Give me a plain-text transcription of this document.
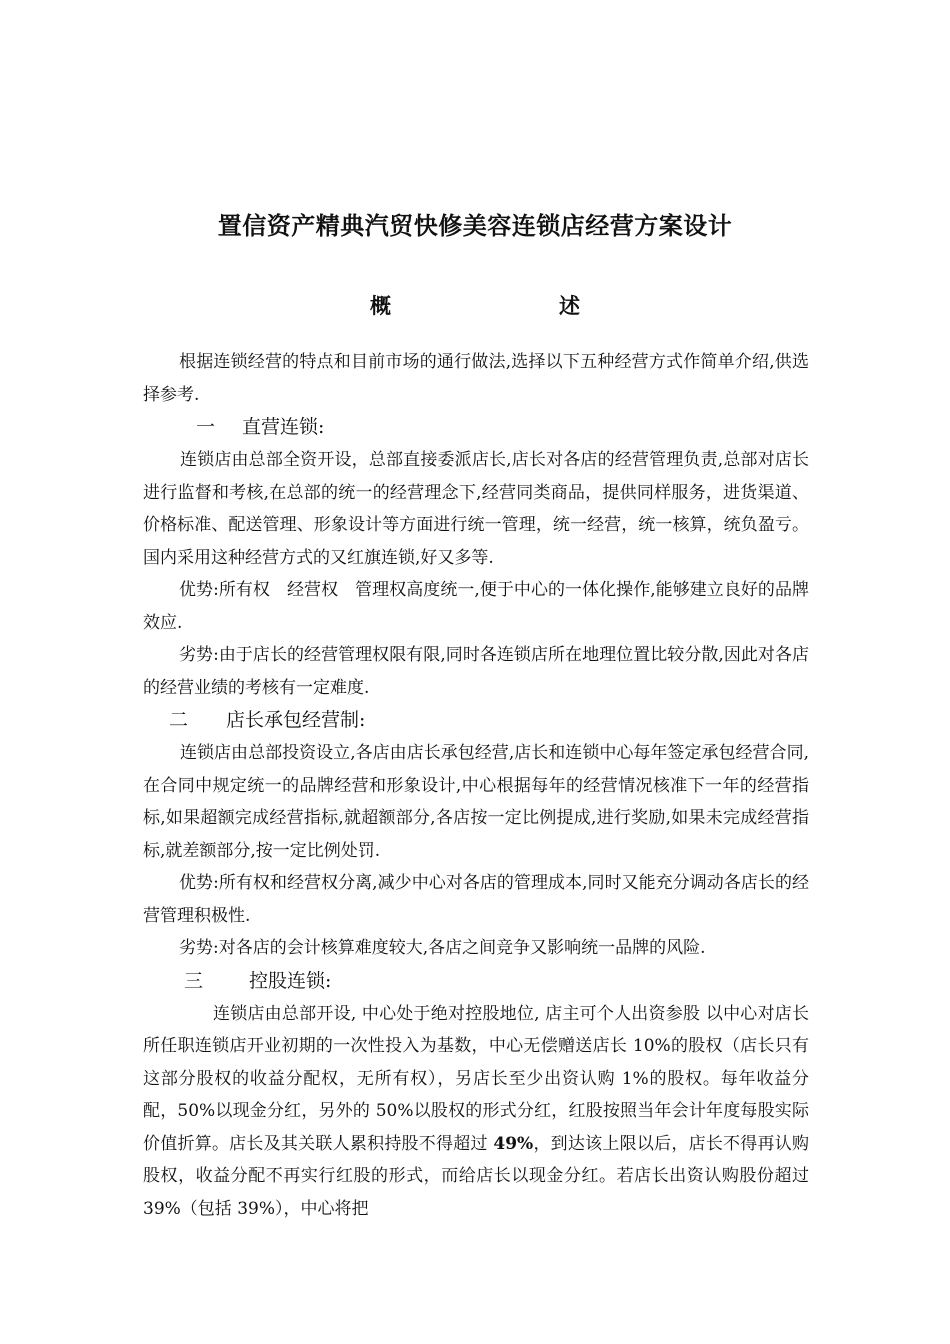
置信资产精典汽贸快修美容连锁店经营方案设计
概	述

根据连锁经营的特点和目前市场的通行做法,选择以下五种经营方式作简单介绍,供选择参考.

一 直营连锁:

连锁店由总部全资开设，总部直接委派店长,店长对各店的经营管理负责,总部对店长进行监督和考核,在总部的统一的经营理念下,经营同类商品，提供同样服务，进货渠道、价格标准、配送管理、形象设计等方面进行统一管理，统一经营，统一核算，统负盈亏。国内采用这种经营方式的又红旗连锁,好又多等.

优势:所有权　经营权　管理权高度统一,便于中心的一体化操作,能够建立良好的品牌效应.

劣势:由于店长的经营管理权限有限,同时各连锁店所在地理位置比较分散,因此对各店的经营业绩的考核有一定难度.

二 店长承包经营制:

连锁店由总部投资设立,各店由店长承包经营,店长和连锁中心每年签定承包经营合同,在合同中规定统一的品牌经营和形象设计,中心根据每年的经营情况核准下一年的经营指标,如果超额完成经营指标,就超额部分,各店按一定比例提成,进行奖励,如果未完成经营指标,就差额部分,按一定比例处罚.

优势:所有权和经营权分离,减少中心对各店的管理成本,同时又能充分调动各店长的经营管理积极性.

劣势:对各店的会计核算难度较大,各店之间竞争又影响统一品牌的风险.

三 控股连锁:

连锁店由总部开设, 中心处于绝对控股地位, 店主可个人出资参股 以中心对店长所任职连锁店开业初期的一次性投入为基数，中心无偿赠送店长 10%的股权（店长只有这部分股权的收益分配权，无所有权），另店长至少出资认购 1%的股权。每年收益分配，50%以现金分红，另外的 50%以股权的形式分红，红股按照当年会计年度每股实际价值折算。店长及其关联人累积持股不得超过 49%，到达该上限以后，店长不得再认购股权，收益分配不再实行红股的形式，而给店长以现金分红。若店长出资认购股份超过 39%（包括 39%），中心将把
